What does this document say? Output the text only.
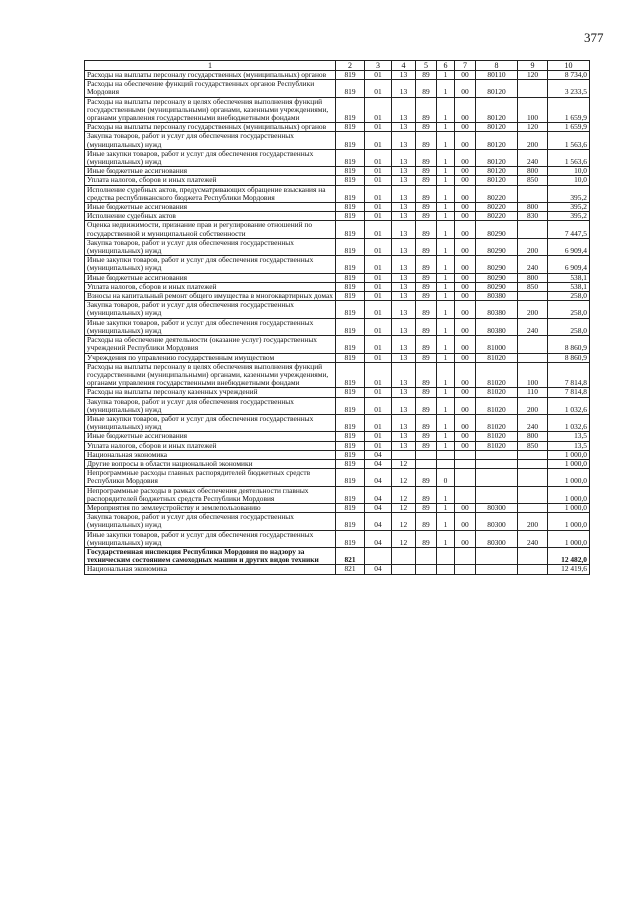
377
1	2	3	4	5	6	7	8	9	10
Расходы на выплаты персоналу государственных (муниципальных) органов	819	01	13	89	1	00	80110	120	8 734,0
Расходы на обеспечение функций государственных органов Республики Мордовия	819	01	13	89	1	00	80120		3 233,5
Расходы на выплаты персоналу в целях обеспечения выполнения функций государственными (муниципальными) органами, казенными учреждениями, органами управления государственными внебюджетными фондами	819	01	13	89	1	00	80120	100	1 659,9
Расходы на выплаты персоналу государственных (муниципальных) органов	819	01	13	89	1	00	80120	120	1 659,9
Закупка товаров, работ и услуг для обеспечения государственных (муниципальных) нужд	819	01	13	89	1	00	80120	200	1 563,6
Иные закупки товаров, работ и услуг для обеспечения государственных (муниципальных) нужд	819	01	13	89	1	00	80120	240	1 563,6
Иные бюджетные ассигнования	819	01	13	89	1	00	80120	800	10,0
Уплата налогов, сборов и иных платежей	819	01	13	89	1	00	80120	850	10,0
Исполнение судебных актов, предусматривающих обращение взыскания на средства республиканского бюджета Республики Мордовия	819	01	13	89	1	00	80220		395,2
Иные бюджетные ассигнования	819	01	13	89	1	00	80220	800	395,2
Исполнение судебных актов	819	01	13	89	1	00	80220	830	395,2
Оценка недвижимости, признание прав и регулирование отношений по государственной и муниципальной собственности	819	01	13	89	1	00	80290		7 447,5
Закупка товаров, работ и услуг для обеспечения государственных (муниципальных) нужд	819	01	13	89	1	00	80290	200	6 909,4
Иные закупки товаров, работ и услуг для обеспечения государственных (муниципальных) нужд	819	01	13	89	1	00	80290	240	6 909,4
Иные бюджетные ассигнования	819	01	13	89	1	00	80290	800	538,1
Уплата налогов, сборов и иных платежей	819	01	13	89	1	00	80290	850	538,1
Взносы на капитальный ремонт общего имущества в многоквартирных домах	819	01	13	89	1	00	80380		258,0
Закупка товаров, работ и услуг для обеспечения государственных (муниципальных) нужд	819	01	13	89	1	00	80380	200	258,0
Иные закупки товаров, работ и услуг для обеспечения государственных (муниципальных) нужд	819	01	13	89	1	00	80380	240	258,0
Расходы на обеспечение деятельности (оказание услуг) государственных учреждений Республики Мордовия	819	01	13	89	1	00	81000		8 860,9
Учреждения по управлению государственным имуществом	819	01	13	89	1	00	81020		8 860,9
Расходы на выплаты персоналу в целях обеспечения выполнения функций государственными (муниципальными) органами, казенными учреждениями, органами управления государственными внебюджетными фондами	819	01	13	89	1	00	81020	100	7 814,8
Расходы на выплаты персоналу казенных учреждений	819	01	13	89	1	00	81020	110	7 814,8
Закупка товаров, работ и услуг для обеспечения государственных (муниципальных) нужд	819	01	13	89	1	00	81020	200	1 032,6
Иные закупки товаров, работ и услуг для обеспечения государственных (муниципальных) нужд	819	01	13	89	1	00	81020	240	1 032,6
Иные бюджетные ассигнования	819	01	13	89	1	00	81020	800	13,5
Уплата налогов, сборов и иных платежей	819	01	13	89	1	00	81020	850	13,5
Национальная экономика	819	04							1 000,0
Другие вопросы в области национальной экономики	819	04	12						1 000,0
Непрограммные расходы главных распорядителей бюджетных средств Республики Мордовия	819	04	12	89	0				1 000,0
Непрограммные расходы в рамках обеспечения деятельности главных распорядителей бюджетных средств Республики Мордовия	819	04	12	89	1				1 000,0
Мероприятия по землеустройству и землепользованию	819	04	12	89	1	00	80300		1 000,0
Закупка товаров, работ и услуг для обеспечения государственных (муниципальных) нужд	819	04	12	89	1	00	80300	200	1 000,0
Иные закупки товаров, работ и услуг для обеспечения государственных (муниципальных) нужд	819	04	12	89	1	00	80300	240	1 000,0
Государственная инспекция Республики Мордовия по надзору за техническим состоянием самоходных машин и других видов техники	821								12 482,0
Национальная экономика	821	04							12 419,6
